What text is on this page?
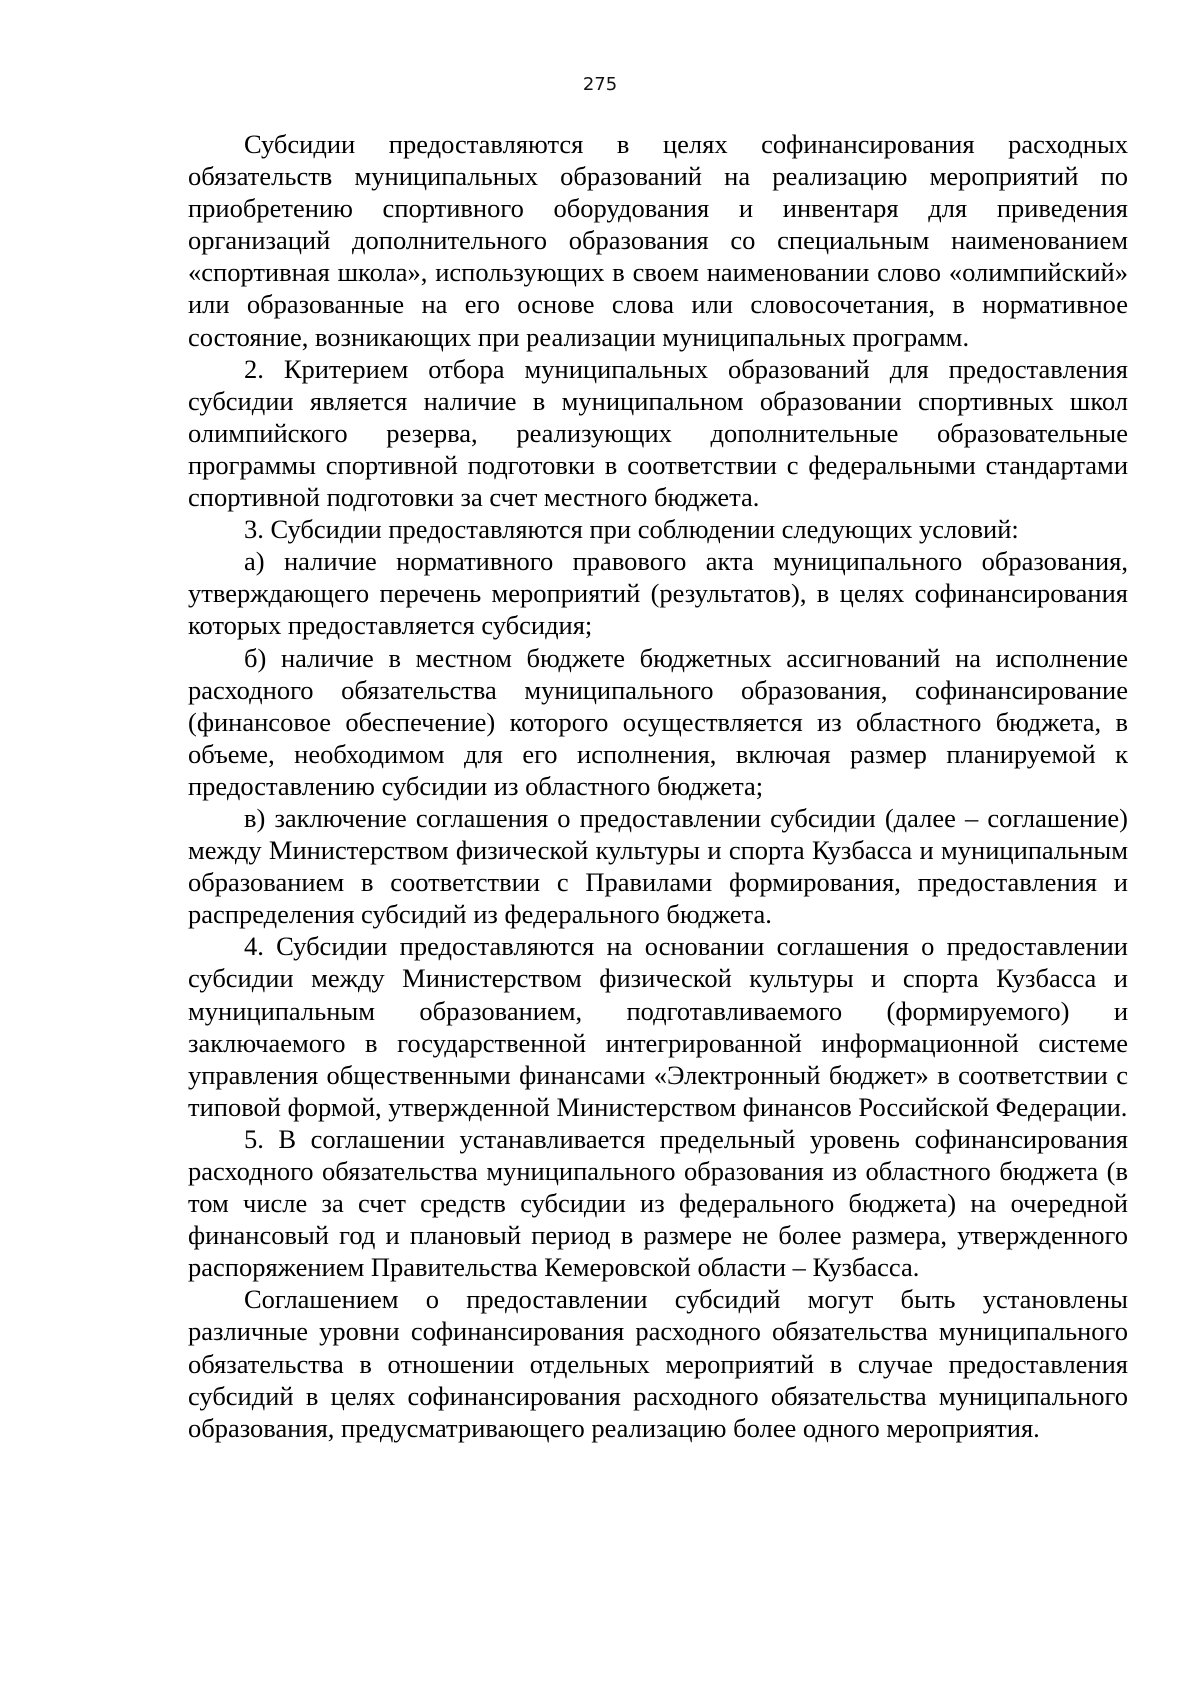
275

Субсидии предоставляются в целях софинансирования расходных обязательств муниципальных образований на реализацию мероприятий по приобретению спортивного оборудования и инвентаря для приведения организаций дополнительного образования со специальным наименованием «спортивная школа», использующих в своем наименовании слово «олимпийский» или образованные на его основе слова или словосочетания, в нормативное состояние, возникающих при реализации муниципальных программ.

2. Критерием отбора муниципальных образований для предоставления субсидии является наличие в муниципальном образовании спортивных школ олимпийского резерва, реализующих дополнительные образовательные программы спортивной подготовки в соответствии с федеральными стандартами спортивной подготовки за счет местного бюджета.

3. Субсидии предоставляются при соблюдении следующих условий:

а) наличие нормативного правового акта муниципального образования, утверждающего перечень мероприятий (результатов), в целях софинансирования которых предоставляется субсидия;

б) наличие в местном бюджете бюджетных ассигнований на исполнение расходного обязательства муниципального образования, софинансирование (финансовое обеспечение) которого осуществляется из областного бюджета, в объеме, необходимом для его исполнения, включая размер планируемой к предоставлению субсидии из областного бюджета;

в) заключение соглашения о предоставлении субсидии (далее – соглашение) между Министерством физической культуры и спорта Кузбасса и муниципальным образованием в соответствии с Правилами формирования, предоставления и распределения субсидий из федерального бюджета.

4. Субсидии предоставляются на основании соглашения о предоставлении субсидии между Министерством физической культуры и спорта Кузбасса и муниципальным образованием, подготавливаемого (формируемого) и заключаемого в государственной интегрированной информационной системе управления общественными финансами «Электронный бюджет» в соответствии с типовой формой, утвержденной Министерством финансов Российской Федерации.

5. В соглашении устанавливается предельный уровень софинансирования расходного обязательства муниципального образования из областного бюджета (в том числе за счет средств субсидии из федерального бюджета) на очередной финансовый год и плановый период в размере не более размера, утвержденного распоряжением Правительства Кемеровской области – Кузбасса.

Соглашением о предоставлении субсидий могут быть установлены различные уровни софинансирования расходного обязательства муниципального обязательства в отношении отдельных мероприятий в случае предоставления субсидий в целях софинансирования расходного обязательства муниципального образования, предусматривающего реализацию более одного мероприятия.
